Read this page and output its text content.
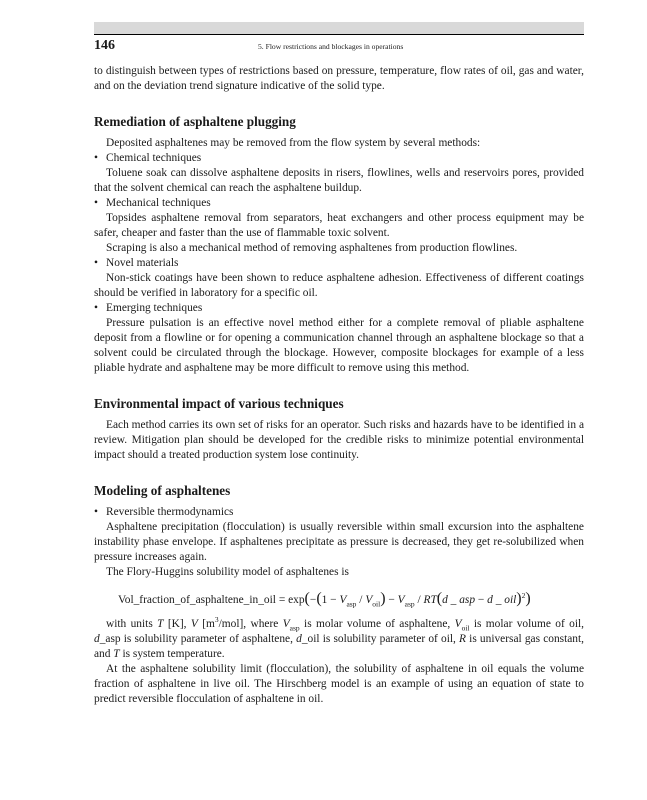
146	5. Flow restrictions and blockages in operations

to distinguish between types of restrictions based on pressure, temperature, flow rates of oil, gas and water, and on the deviation trend signature indicative of the solid type.

Remediation of asphaltene plugging

Deposited asphaltenes may be removed from the flow system by several methods:

• Chemical techniques

Toluene soak can dissolve asphaltene deposits in risers, flowlines, wells and reservoirs pores, provided that the solvent chemical can reach the asphaltene buildup.

• Mechanical techniques

Topsides asphaltene removal from separators, heat exchangers and other process equipment may be safer, cheaper and faster than the use of flammable toxic solvent.

Scraping is also a mechanical method of removing asphaltenes from production flowlines.

• Novel materials

Non-stick coatings have been shown to reduce asphaltene adhesion. Effectiveness of different coatings should be verified in laboratory for a specific oil.

• Emerging techniques

Pressure pulsation is an effective novel method either for a complete removal of pliable asphaltene deposit from a flowline or for opening a communication channel through an asphaltene blockage so that a solvent could be circulated through the blockage. However, composite blockages for example of a less pliable hydrate and asphaltene may be more difficult to remove using this method.

Environmental impact of various techniques

Each method carries its own set of risks for an operator. Such risks and hazards have to be identified in a review. Mitigation plan should be developed for the credible risks to minimize potential environmental impact should a treated production system lose continuity.

Modeling of asphaltenes

• Reversible thermodynamics

Asphaltene precipitation (flocculation) is usually reversible within small excursion into the asphaltene instability phase envelope. If asphaltenes precipitate as pressure is decreased, they get re-solubilized when pressure increases again.

The Flory-Huggins solubility model of asphaltenes is

Vol_fraction_of_asphaltene_in_oil = $\exp(-(1 - V_{asp} / V_{oil}) - V_{asp} / RT(d$ _ asp − d _ oil)$^2$)

with units T [K], V $[m^3/mol]$, where $V_{asp}$ is molar volume of asphaltene, $V_{oil}$ is molar volume of oil, d_asp is solubility parameter of asphaltene, d_oil is solubility parameter of oil, R is universal gas constant, and T is system temperature.

At the asphaltene solubility limit (flocculation), the solubility of asphaltene in oil equals the volume fraction of asphaltene in live oil. The Hirschberg model is an example of using an equation of state to predict reversible flocculation of asphaltene in oil.
